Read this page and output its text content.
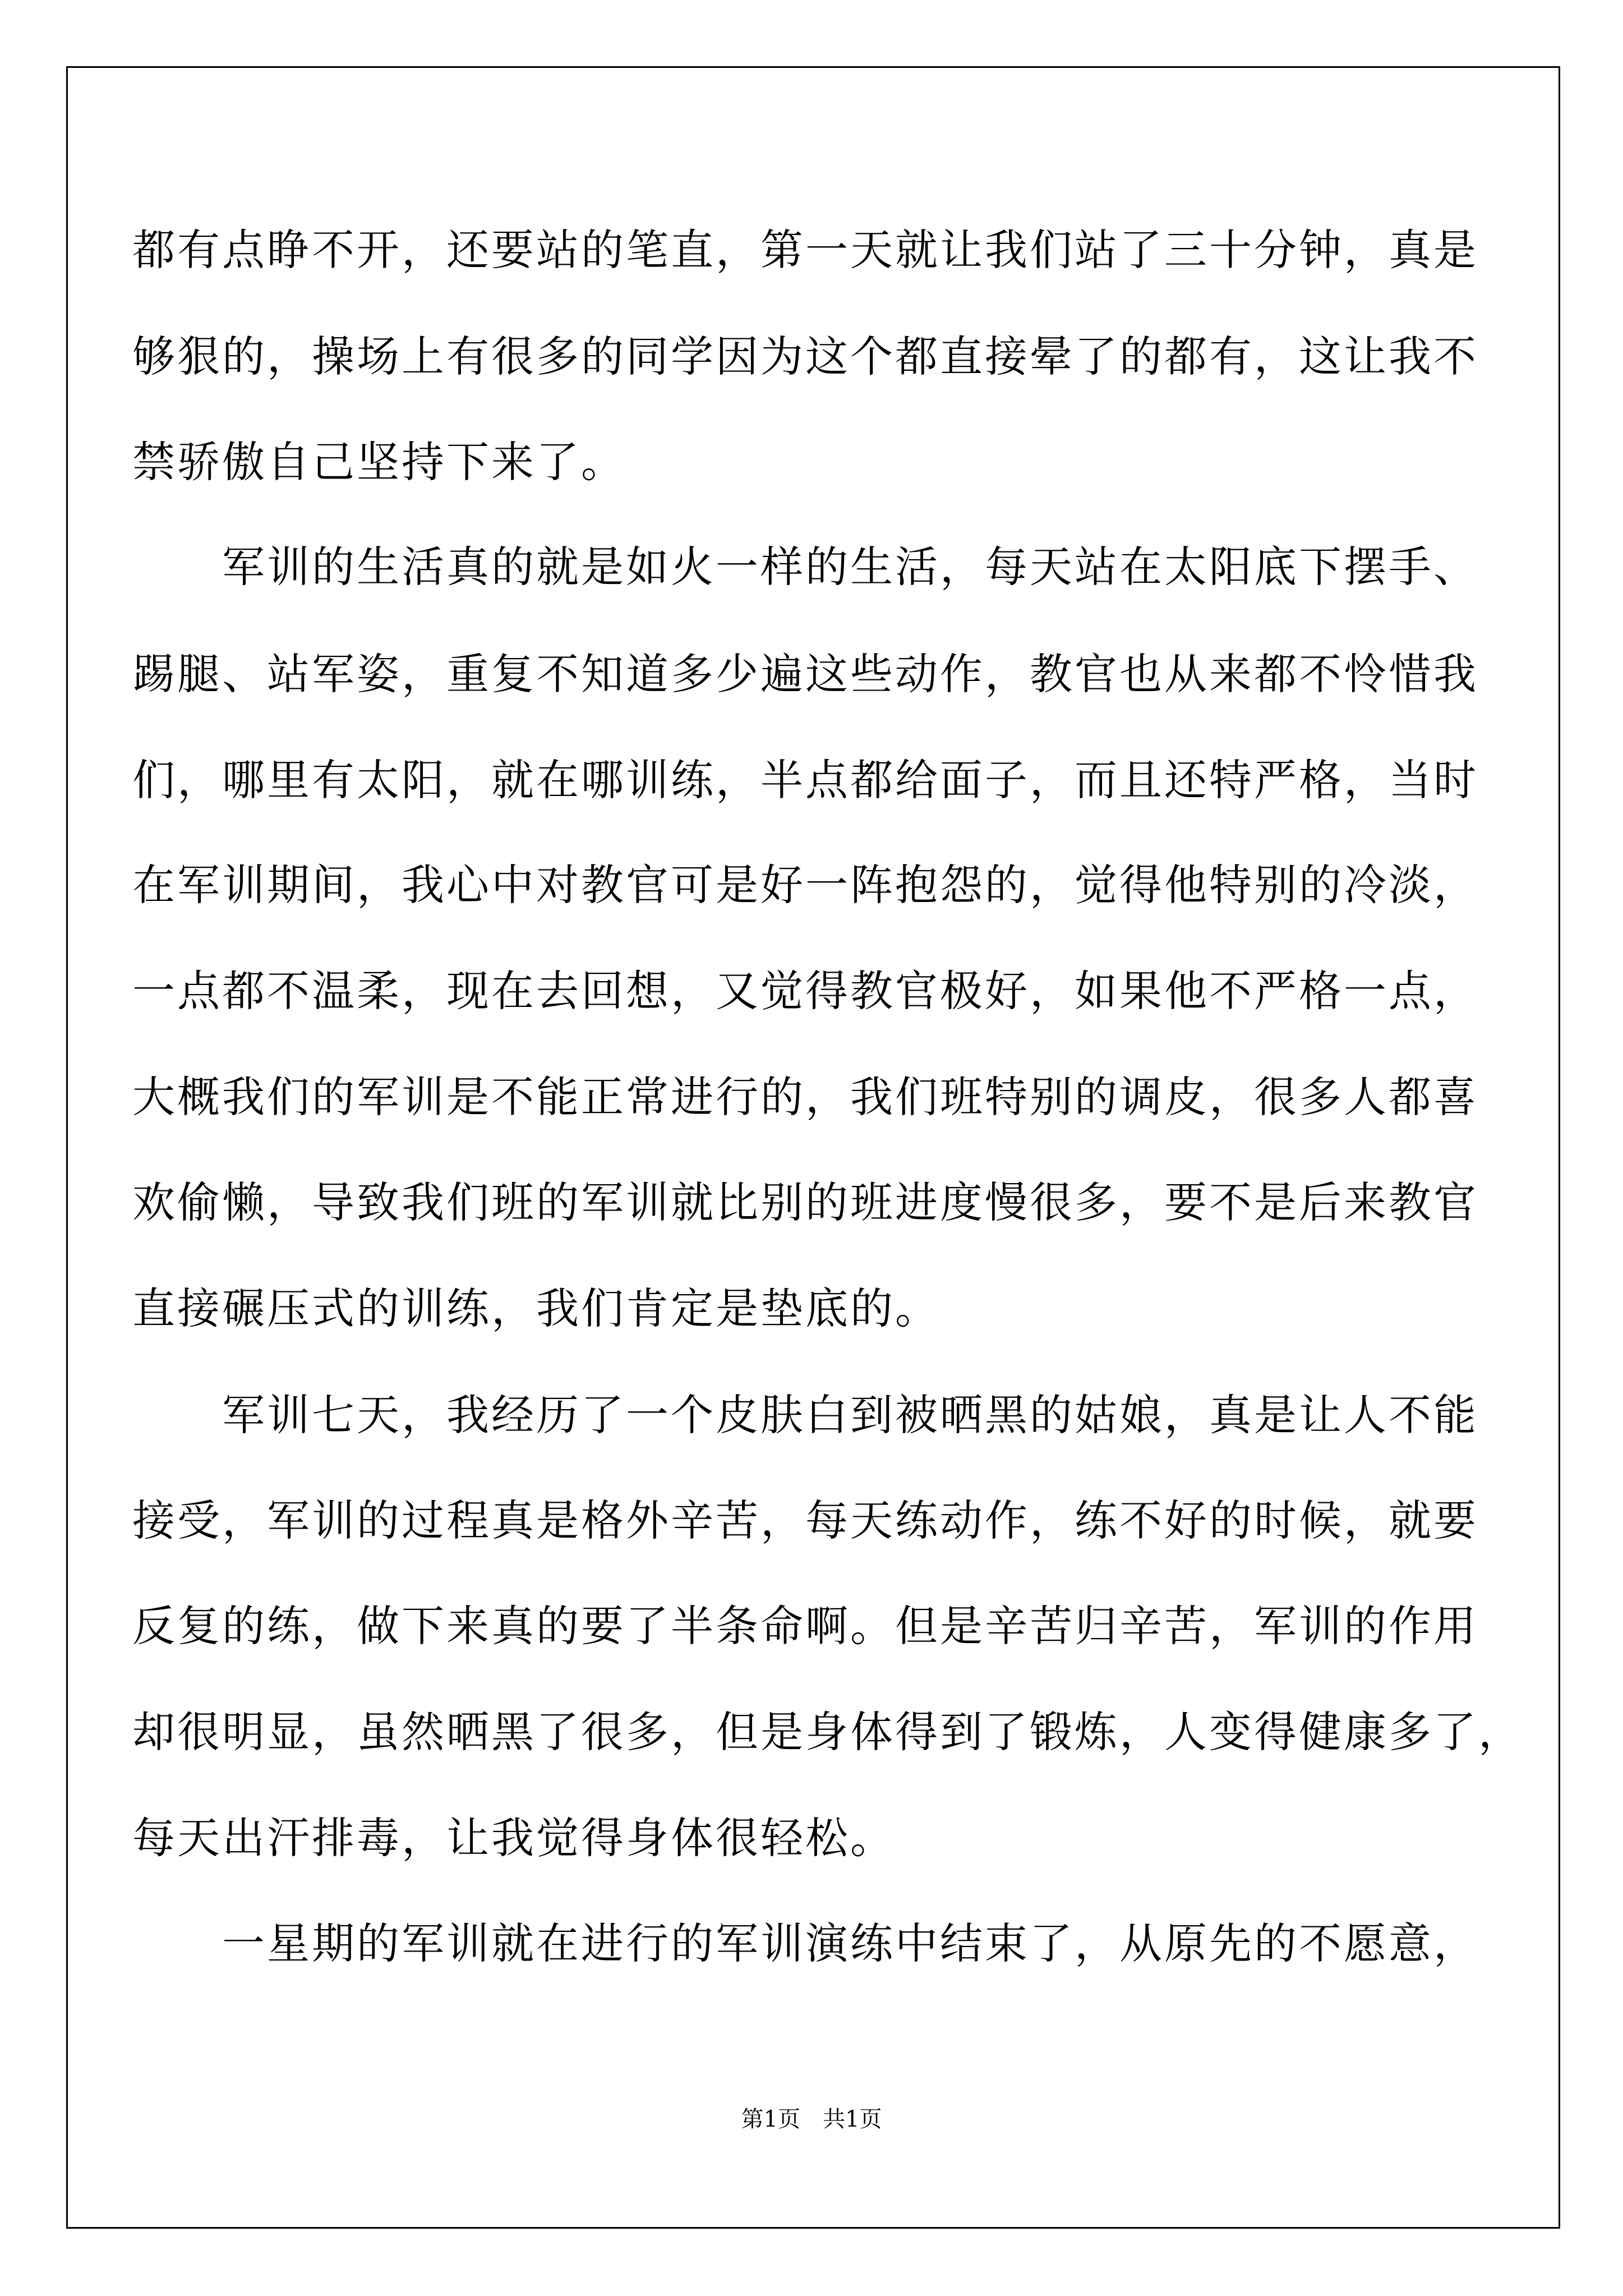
都有点睁不开，还要站的笔直，第一天就让我们站了三十分钟，真是
够狠的，操场上有很多的同学因为这个都直接晕了的都有，这让我不
禁骄傲自己坚持下来了。
　　军训的生活真的就是如火一样的生活，每天站在太阳底下摆手、
踢腿、站军姿，重复不知道多少遍这些动作，教官也从来都不怜惜我
们，哪里有太阳，就在哪训练，半点都给面子，而且还特严格，当时
在军训期间，我心中对教官可是好一阵抱怨的，觉得他特别的冷淡，
一点都不温柔，现在去回想，又觉得教官极好，如果他不严格一点，
大概我们的军训是不能正常进行的，我们班特别的调皮，很多人都喜
欢偷懒，导致我们班的军训就比别的班进度慢很多，要不是后来教官
直接碾压式的训练，我们肯定是垫底的。
　　军训七天，我经历了一个皮肤白到被晒黑的姑娘，真是让人不能
接受，军训的过程真是格外辛苦，每天练动作，练不好的时候，就要
反复的练，做下来真的要了半条命啊。但是辛苦归辛苦，军训的作用
却很明显，虽然晒黑了很多，但是身体得到了锻炼，人变得健康多了，
每天出汗排毒，让我觉得身体很轻松。
　　一星期的军训就在进行的军训演练中结束了，从原先的不愿意，
第1页　共1页
